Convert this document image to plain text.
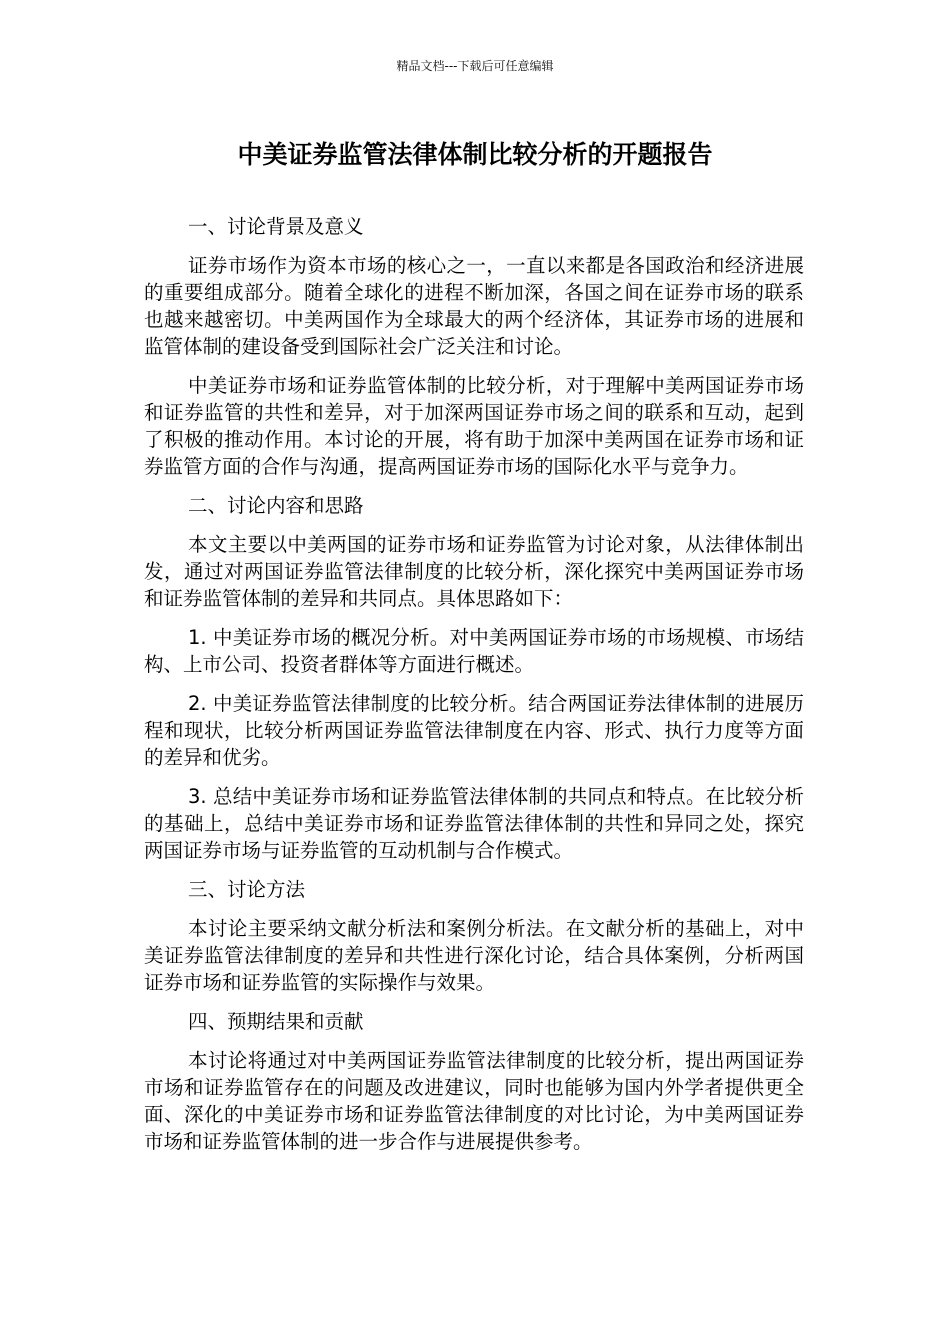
精品文档---下载后可任意编辑
中美证券监管法律体制比较分析的开题报告

一、讨论背景及意义

证券市场作为资本市场的核心之一，一直以来都是各国政治和经济进展的重要组成部分。随着全球化的进程不断加深，各国之间在证券市场的联系也越来越密切。中美两国作为全球最大的两个经济体，其证券市场的进展和监管体制的建设备受到国际社会广泛关注和讨论。

中美证券市场和证券监管体制的比较分析，对于理解中美两国证券市场和证券监管的共性和差异，对于加深两国证券市场之间的联系和互动，起到了积极的推动作用。本讨论的开展，将有助于加深中美两国在证券市场和证券监管方面的合作与沟通，提高两国证券市场的国际化水平与竞争力。

二、讨论内容和思路

本文主要以中美两国的证券市场和证券监管为讨论对象，从法律体制出发，通过对两国证券监管法律制度的比较分析，深化探究中美两国证券市场和证券监管体制的差异和共同点。具体思路如下：

1. 中美证券市场的概况分析。对中美两国证券市场的市场规模、市场结构、上市公司、投资者群体等方面进行概述。

2. 中美证券监管法律制度的比较分析。结合两国证券法律体制的进展历程和现状，比较分析两国证券监管法律制度在内容、形式、执行力度等方面的差异和优劣。

3. 总结中美证券市场和证券监管法律体制的共同点和特点。在比较分析的基础上，总结中美证券市场和证券监管法律体制的共性和异同之处，探究两国证券市场与证券监管的互动机制与合作模式。

三、讨论方法

本讨论主要采纳文献分析法和案例分析法。在文献分析的基础上，对中美证券监管法律制度的差异和共性进行深化讨论，结合具体案例，分析两国证券市场和证券监管的实际操作与效果。

四、预期结果和贡献

本讨论将通过对中美两国证券监管法律制度的比较分析，提出两国证券市场和证券监管存在的问题及改进建议，同时也能够为国内外学者提供更全面、深化的中美证券市场和证券监管法律制度的对比讨论，为中美两国证券市场和证券监管体制的进一步合作与进展提供参考。
